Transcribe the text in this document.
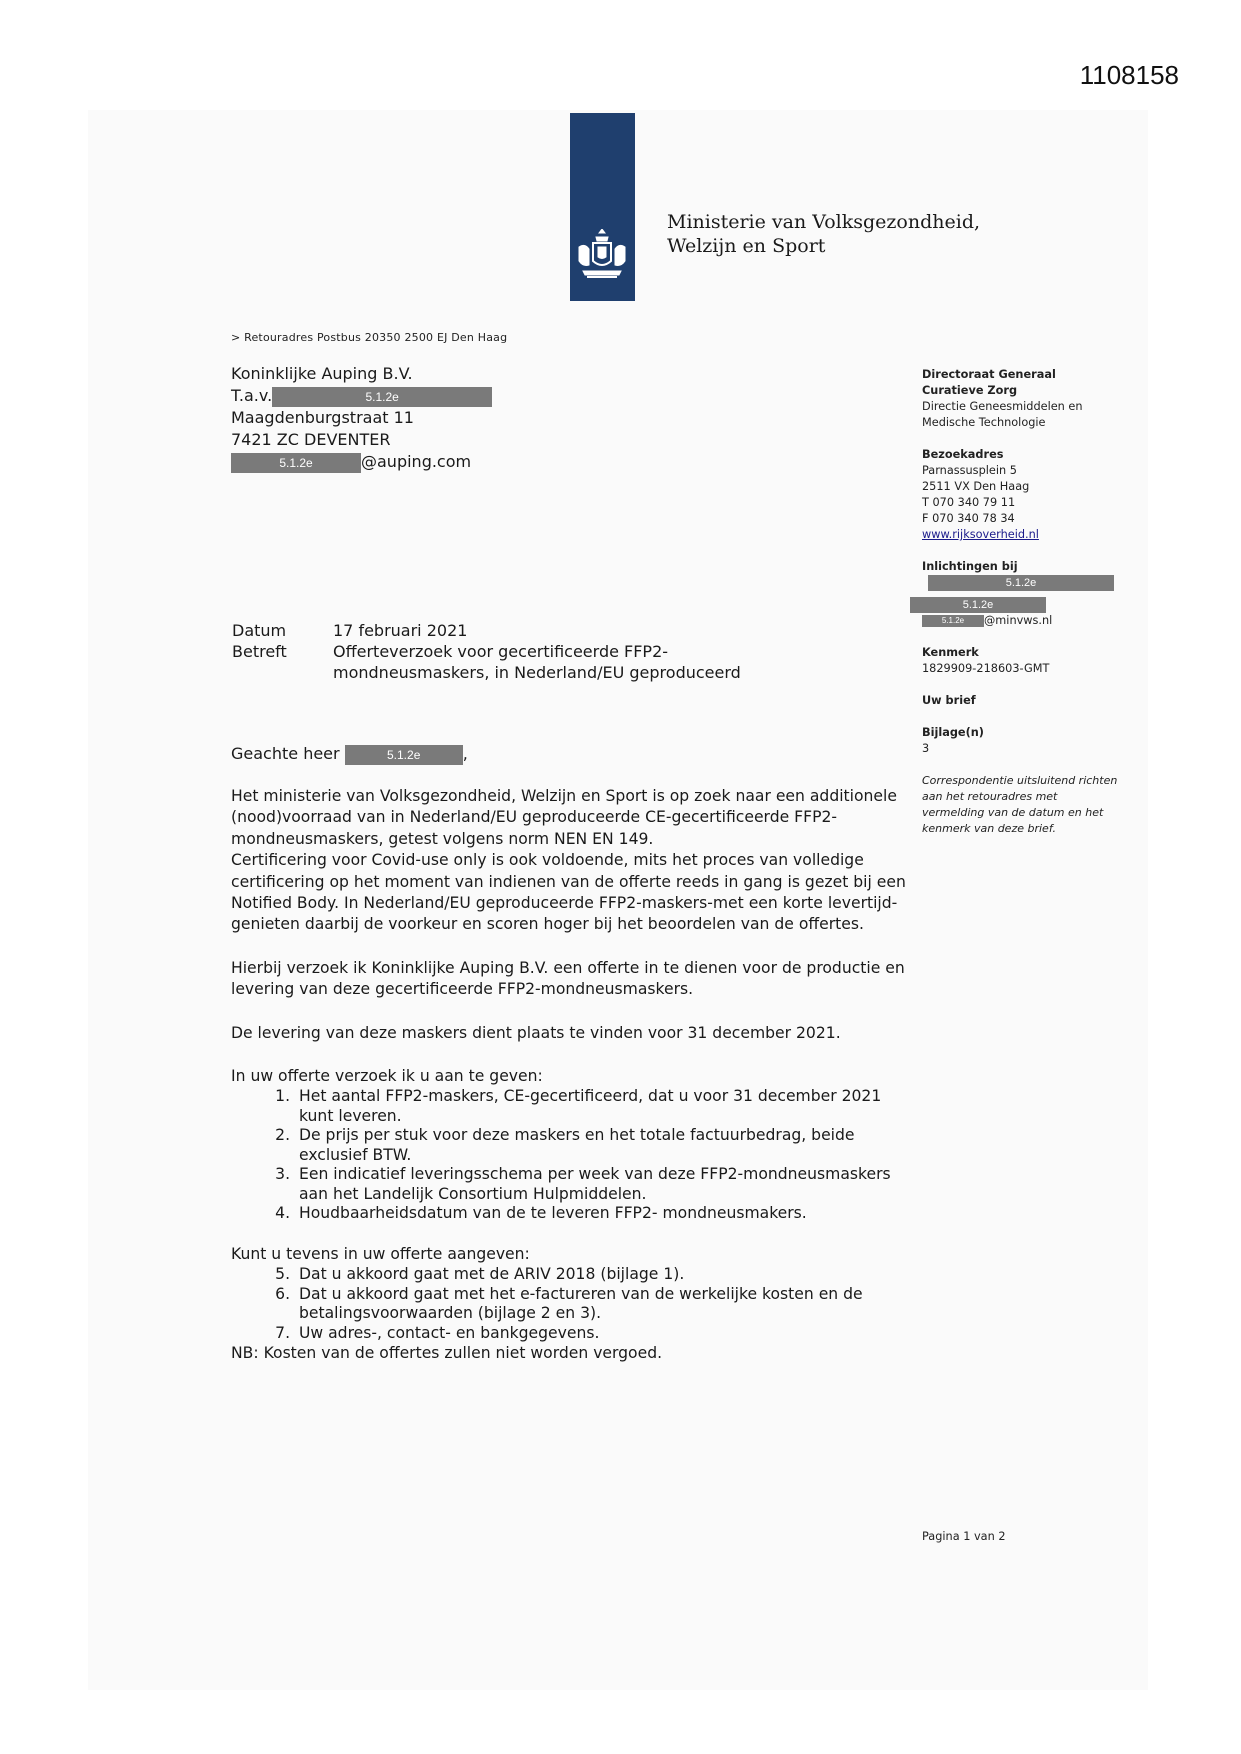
1108158
Ministerie van Volksgezondheid,
Welzijn en Sport
> Retouradres Postbus 20350 2500 EJ Den Haag
Koninklijke Auping B.V.
T.a.v.	5.1.2e
Maagdenburgstraat 11
7421 ZC DEVENTER
5.1.2e	@auping.com
Datum	17 februari 2021
Betreft	Offerteverzoek voor gecertificeerde FFP2-mondneusmaskers, in Nederland/EU geproduceerd
Geachte heer	5.1.2e	,

Het ministerie van Volksgezondheid, Welzijn en Sport is op zoek naar een additionele (nood)voorraad van in Nederland/EU geproduceerde CE-gecertificeerde FFP2-mondneusmaskers, getest volgens norm NEN EN 149.

Certificering voor Covid-use only is ook voldoende, mits het proces van volledige certificering op het moment van indienen van de offerte reeds in gang is gezet bij een Notified Body. In Nederland/EU geproduceerde FFP2-maskers-met een korte levertijd-genieten daarbij de voorkeur en scoren hoger bij het beoordelen van de offertes.

Hierbij verzoek ik Koninklijke Auping B.V. een offerte in te dienen voor de productie en levering van deze gecertificeerde FFP2-mondneusmaskers.

De levering van deze maskers dient plaats te vinden voor 31 december 2021.

In uw offerte verzoek ik u aan te geven:

1. Het aantal FFP2-maskers, CE-gecertificeerd, dat u voor 31 december 2021 kunt leveren.
2. De prijs per stuk voor deze maskers en het totale factuurbedrag, beide exclusief BTW.
3. Een indicatief leveringsschema per week van deze FFP2-mondneusmaskers aan het Landelijk Consortium Hulpmiddelen.
4. Houdbaarheidsdatum van de te leveren FFP2- mondneusmakers.

Kunt u tevens in uw offerte aangeven:

5. Dat u akkoord gaat met de ARIV 2018 (bijlage 1).
6. Dat u akkoord gaat met het e-factureren van de werkelijke kosten en de betalingsvoorwaarden (bijlage 2 en 3).
7. Uw adres-, contact- en bankgegevens.

NB: Kosten van de offertes zullen niet worden vergoed.

Directoraat Generaal
Curatieve Zorg
Directie Geneesmiddelen en
Medische Technologie
Bezoekadres
Parnassusplein 5
2511 VX Den Haag
T 070 340 79 11
F 070 340 78 34
www.rijksoverheid.nl
Inlichtingen bij
5.1.2e
5.1.2e
5.1.2e @minvws.nl
Kenmerk
1829909-218603-GMT
Uw brief
Bijlage(n)
3
Correspondentie uitsluitend richten aan het retouradres met vermelding van de datum en het kenmerk van deze brief.
Pagina 1 van 2
